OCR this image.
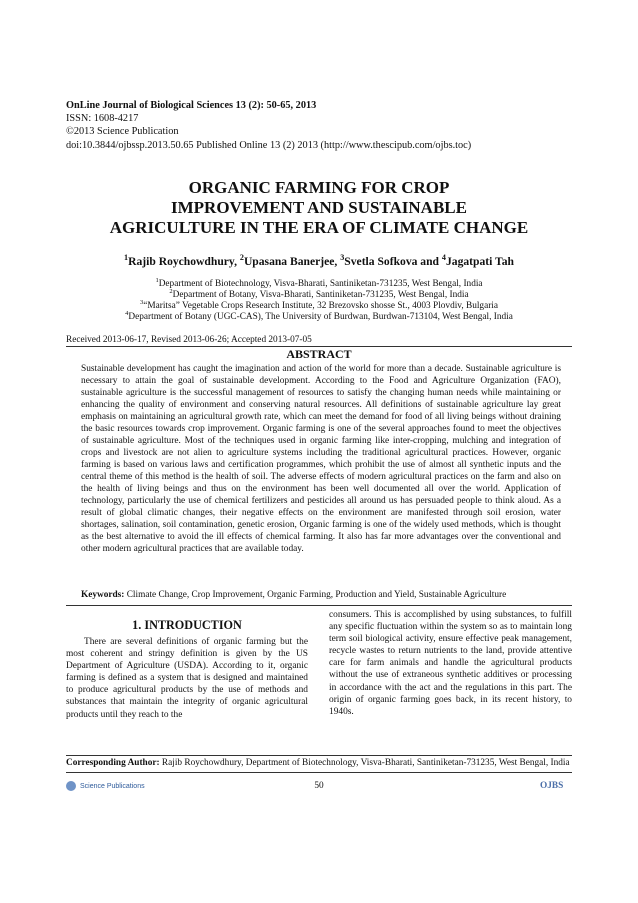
OnLine Journal of Biological Sciences 13 (2): 50-65, 2013
ISSN: 1608-4217
©2013 Science Publication
doi:10.3844/ojbssp.2013.50.65 Published Online 13 (2) 2013 (http://www.thescipub.com/ojbs.toc)
ORGANIC FARMING FOR CROP
IMPROVEMENT AND SUSTAINABLE
AGRICULTURE IN THE ERA OF CLIMATE CHANGE
$^1$Rajib Roychowdhury, $^2$Upasana Banerjee, $^3$Svetla Sofkova and $^4$Jagatpati Tah
$^1$Department of Biotechnology, Visva-Bharati, Santiniketan-731235, West Bengal, India
$^2$Department of Botany, Visva-Bharati, Santiniketan-731235, West Bengal, India
$^3$“Maritsa” Vegetable Crops Research Institute, 32 Brezovsko shosse St., 4003 Plovdiv, Bulgaria
$^4$Department of Botany (UGC-CAS), The University of Burdwan, Burdwan-713104, West Bengal, India
Received 2013-06-17, Revised 2013-06-26; Accepted 2013-07-05
ABSTRACT
Sustainable development has caught the imagination and action of the world for more than a decade. Sustainable agriculture is necessary to attain the goal of sustainable development. According to the Food and Agriculture Organization (FAO), sustainable agriculture is the successful management of resources to satisfy the changing human needs while maintaining or enhancing the quality of environment and conserving natural resources. All definitions of sustainable agriculture lay great emphasis on maintaining an agricultural growth rate, which can meet the demand for food of all living beings without draining the basic resources towards crop improvement. Organic farming is one of the several approaches found to meet the objectives of sustainable agriculture. Most of the techniques used in organic farming like inter-cropping, mulching and integration of crops and livestock are not alien to agriculture systems including the traditional agricultural practices. However, organic farming is based on various laws and certification programmes, which prohibit the use of almost all synthetic inputs and the central theme of this method is the health of soil. The adverse effects of modern agricultural practices on the farm and also on the health of living beings and thus on the environment has been well documented all over the world. Application of technology, particularly the use of chemical fertilizers and pesticides all around us has persuaded people to think aloud. As a result of global climatic changes, their negative effects on the environment are manifested through soil erosion, water shortages, salination, soil contamination, genetic erosion, Organic farming is one of the widely used methods, which is thought as the best alternative to avoid the ill effects of chemical farming. It also has far more advantages over the conventional and other modern agricultural practices that are available today.
Keywords: Climate Change, Crop Improvement, Organic Farming, Production and Yield, Sustainable Agriculture
1. INTRODUCTION
There are several definitions of organic farming but the most coherent and stringy definition is given by the US Department of Agriculture (USDA). According to it, organic farming is defined as a system that is designed and maintained to produce agricultural products by the use of methods and substances that maintain the integrity of organic agricultural products until they reach to the
consumers. This is accomplished by using substances, to fulfill any specific fluctuation within the system so as to maintain long term soil biological activity, ensure effective peak management, recycle wastes to return nutrients to the land, provide attentive care for farm animals and handle the agricultural products without the use of extraneous synthetic additives or processing in accordance with the act and the regulations in this part. The origin of organic farming goes back, in its recent history, to 1940s.
Corresponding Author: Rajib Roychowdhury, Department of Biotechnology, Visva-Bharati, Santiniketan-731235, West Bengal, India
Science Publications	50	OJBS
